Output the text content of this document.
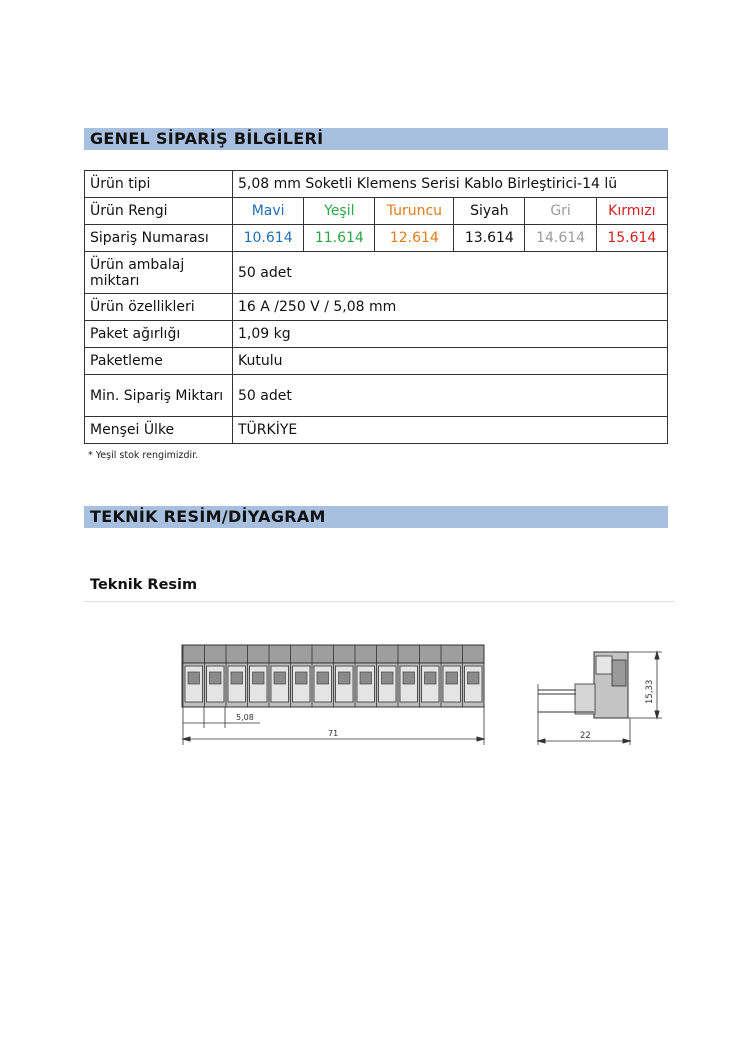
GENEL SİPARİŞ BİLGİLERİ
Ürün tipi	5,08 mm Soketli Klemens Serisi Kablo Birleştirici-14 lü					
Ürün Rengi	Mavi	Yeşil	Turuncu	Siyah	Gri	Kırmızı
Sipariş Numarası	10.614	11.614	12.614	13.614	14.614	15.614
Ürün ambalaj miktarı	50 adet					
Ürün özellikleri	16 A /250 V / 5,08 mm					
Paket ağırlığı	1,09 kg					
Paketleme	Kutulu					
Min. Sipariş Miktarı	50 adet					
Menşei Ülke	TÜRKİYE					
* Yeşil stok rengimizdir.
TEKNİK RESİM/DİYAGRAM
Teknik Resim
5,08
71	22
15,33
